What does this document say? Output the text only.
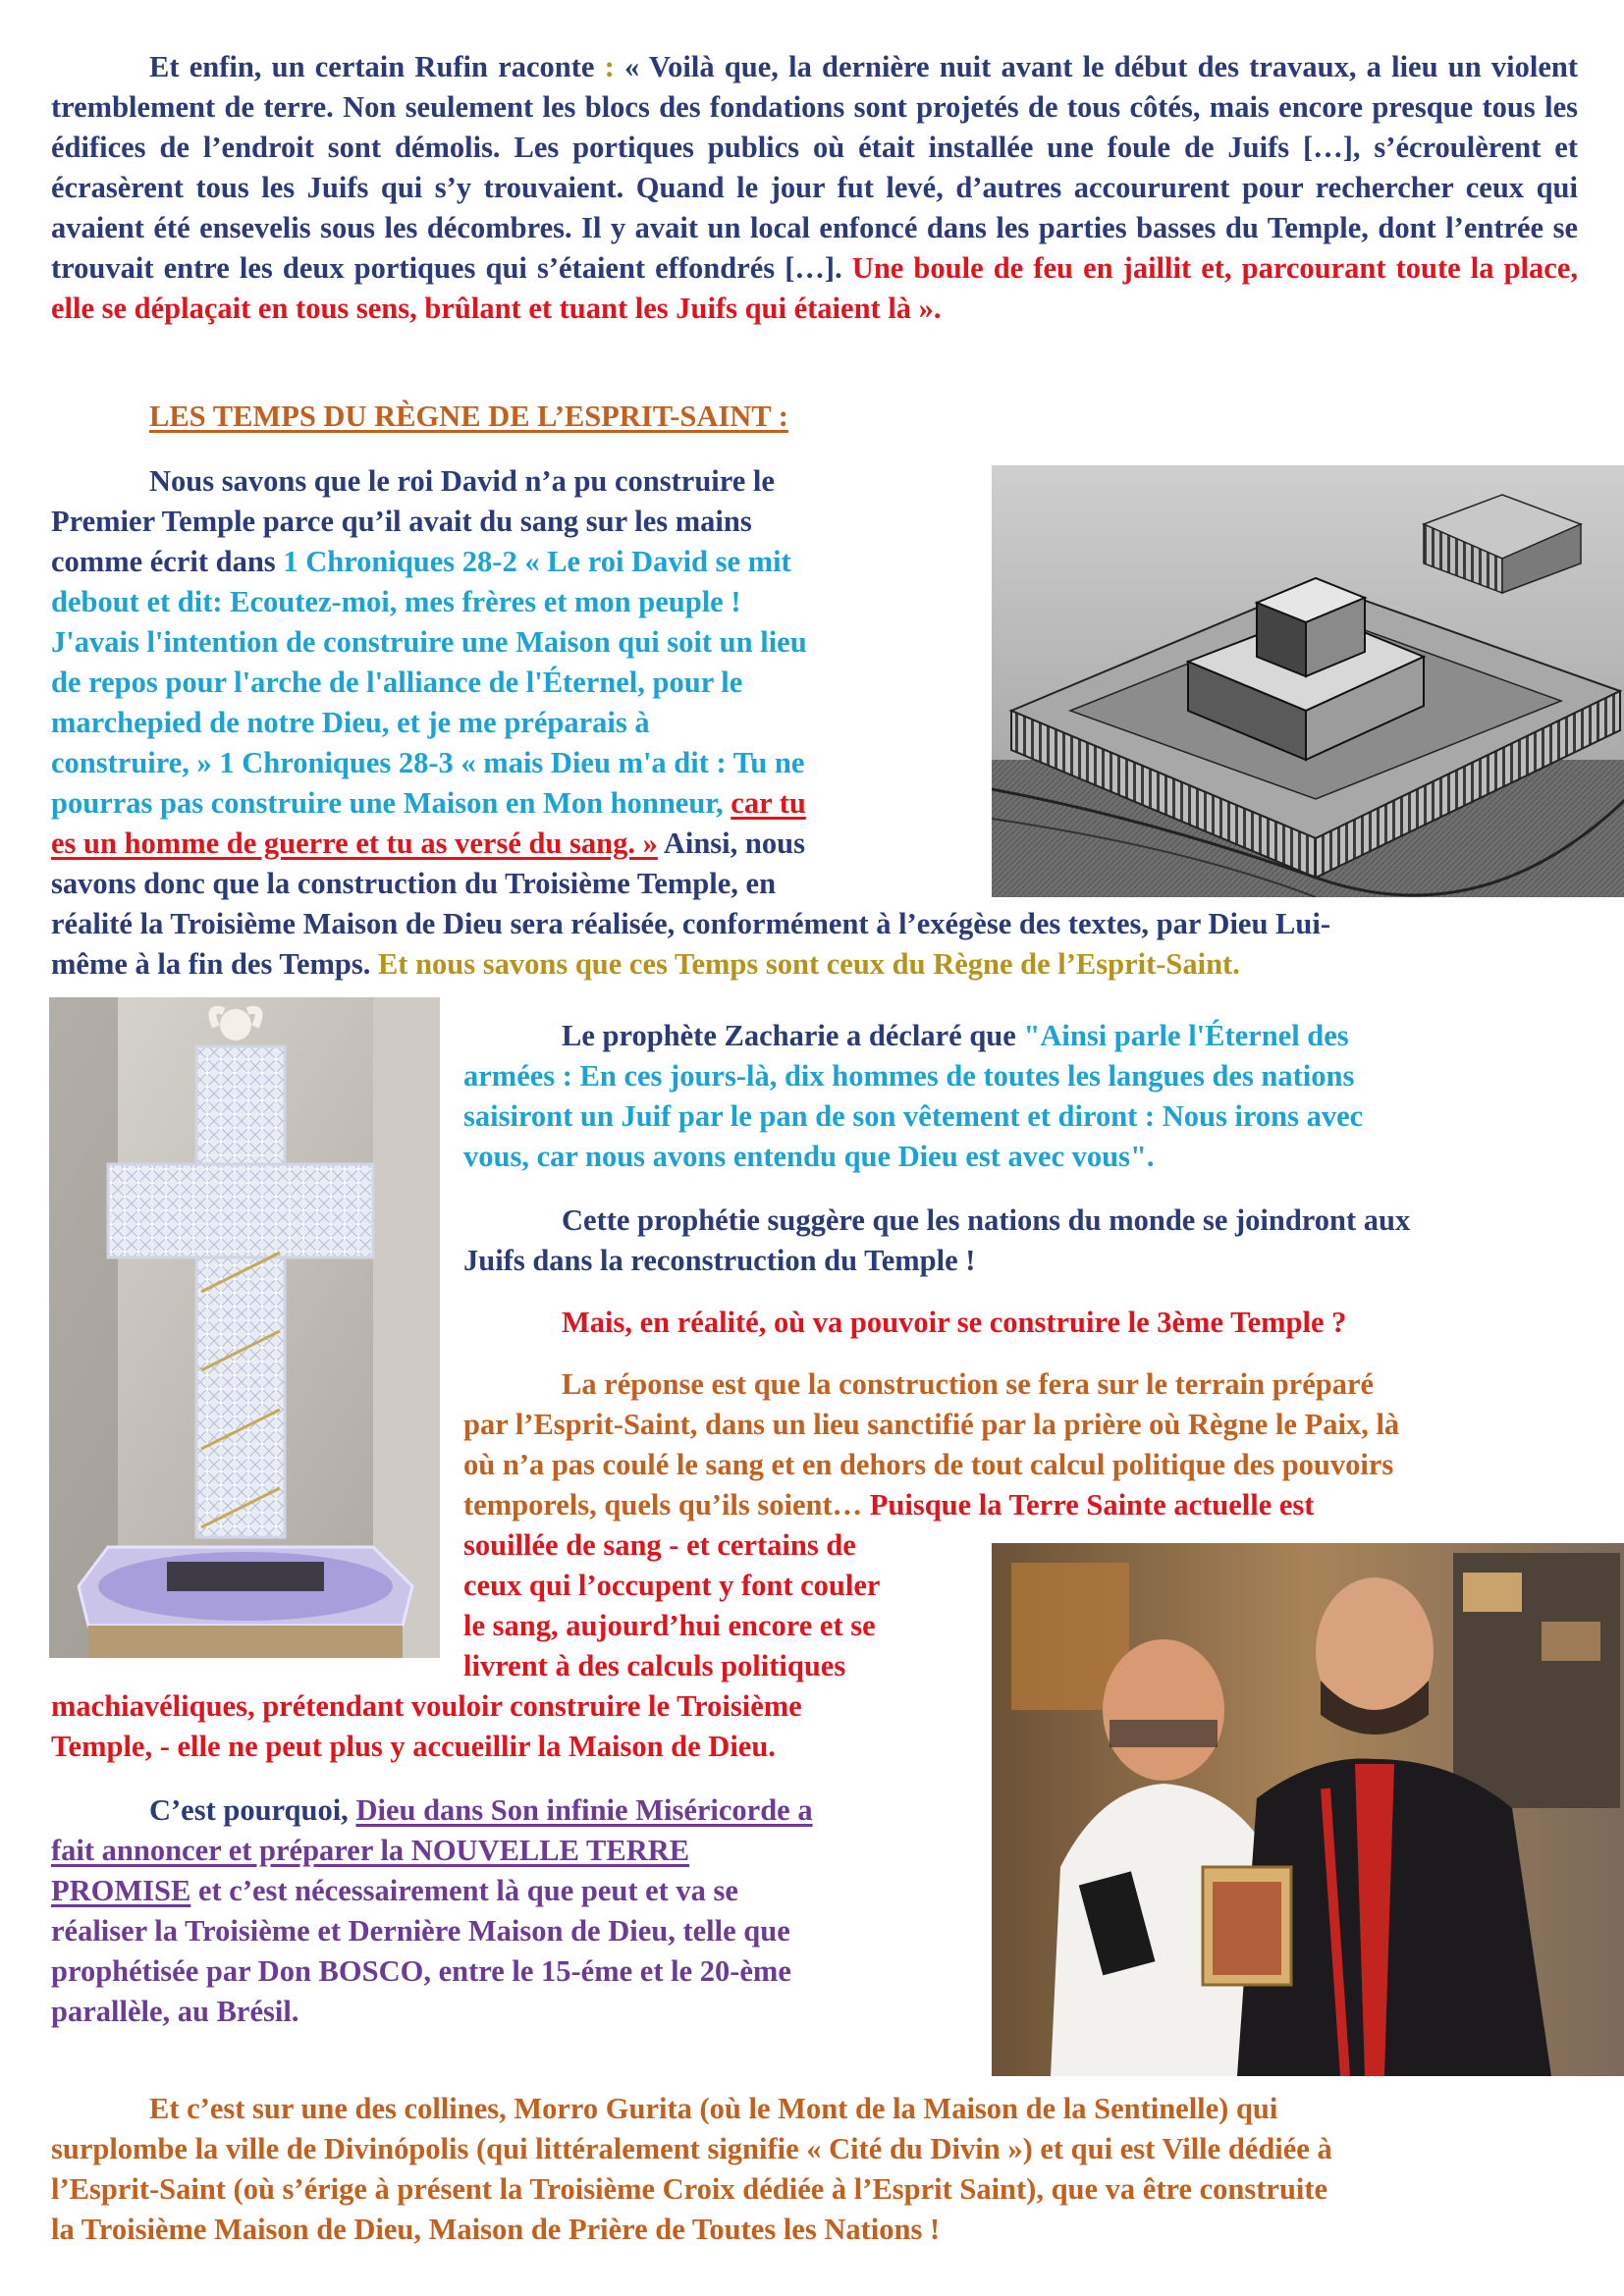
Et enfin, un certain Rufin raconte : « Voilà que, la dernière nuit avant le début des travaux, a lieu un violent tremblement de terre. Non seulement les blocs des fondations sont projetés de tous côtés, mais encore presque tous les édifices de l’endroit sont démolis. Les portiques publics où était installée une foule de Juifs […], s’écroulèrent et écrasèrent tous les Juifs qui s’y trouvaient. Quand le jour fut levé, d’autres accoururent pour rechercher ceux qui avaient été ensevelis sous les décombres. Il y avait un local enfoncé dans les parties basses du Temple, dont l’entrée se trouvait entre les deux portiques qui s’étaient effondrés […]. Une boule de feu en jaillit et, parcourant toute la place, elle se déplaçait en tous sens, brûlant et tuant les Juifs qui étaient là ».

LES TEMPS DU RÈGNE DE L’ESPRIT-SAINT :

Nous savons que le roi David n’a pu construire le
Premier Temple parce qu’il avait du sang sur les mains
comme écrit dans 1 Chroniques 28-2 « Le roi David se mit
debout et dit: Ecoutez-moi, mes frères et mon peuple !
J'avais l'intention de construire une Maison qui soit un lieu
de repos pour l'arche de l'alliance de l'Éternel, pour le
marchepied de notre Dieu, et je me préparais à
construire, » 1 Chroniques 28-3 « mais Dieu m'a dit : Tu ne
pourras pas construire une Maison en Mon honneur, car tu
es un homme de guerre et tu as versé du sang. » Ainsi, nous
savons donc que la construction du Troisième Temple, en
réalité la Troisième Maison de Dieu sera réalisée, conformément à l’exégèse des textes, par Dieu Lui-
même à la fin des Temps. Et nous savons que ces Temps sont ceux du Règne de l’Esprit-Saint.
Le prophète Zacharie a déclaré que "Ainsi parle l'Éternel des
armées : En ces jours-là, dix hommes de toutes les langues des nations
saisiront un Juif par le pan de son vêtement et diront : Nous irons avec
vous, car nous avons entendu que Dieu est avec vous".
Cette prophétie suggère que les nations du monde se joindront aux
Juifs dans la reconstruction du Temple !
Mais, en réalité, où va pouvoir se construire le 3ème Temple ?
La réponse est que la construction se fera sur le terrain préparé
par l’Esprit-Saint, dans un lieu sanctifié par la prière où Règne le Paix, là
où n’a pas coulé le sang et en dehors de tout calcul politique des pouvoirs
temporels, quels qu’ils soient… Puisque la Terre Sainte actuelle est
souillée de sang - et certains de
ceux qui l’occupent y font couler
le sang, aujourd’hui encore et se
livrent à des calculs politiques
machiavéliques, prétendant vouloir construire le Troisième
Temple, - elle ne peut plus y accueillir la Maison de Dieu.
C’est pourquoi, Dieu dans Son infinie Miséricorde a
fait annoncer et préparer la NOUVELLE TERRE
PROMISE et c’est nécessairement là que peut et va se
réaliser la Troisième et Dernière Maison de Dieu, telle que
prophétisée par Don BOSCO, entre le 15-éme et le 20-ème
parallèle, au Brésil.
Et c’est sur une des collines, Morro Gurita (où le Mont de la Maison de la Sentinelle) qui
surplombe la ville de Divinópolis (qui littéralement signifie « Cité du Divin ») et qui est Ville dédiée à
l’Esprit-Saint (où s’érige à présent la Troisième Croix dédiée à l’Esprit Saint), que va être construite
la Troisième Maison de Dieu, Maison de Prière de Toutes les Nations !
